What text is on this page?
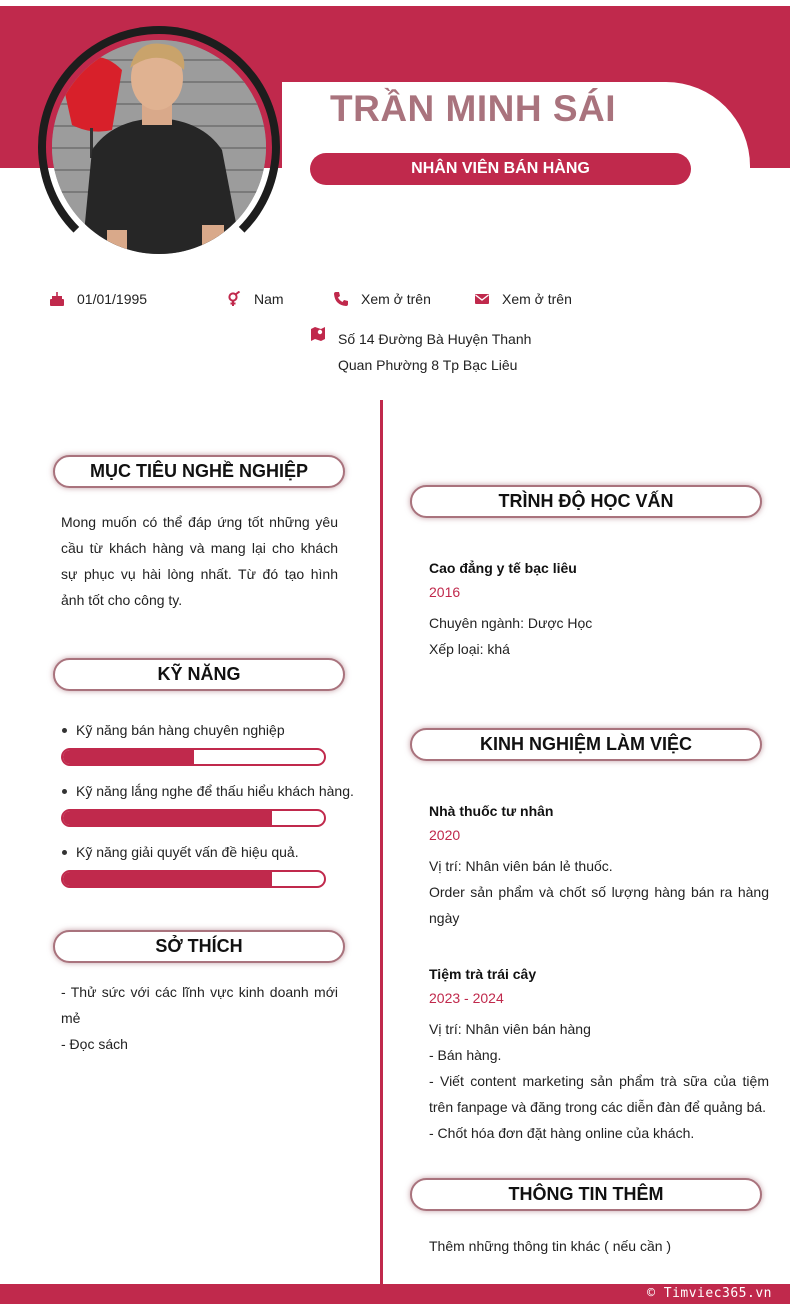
TRẦN MINH SÁI
NHÂN VIÊN BÁN HÀNG
01/01/1995	Nam	Xem ở trên	Xem ở trên
Số 14 Đường Bà Huyện Thanh
Quan Phường 8 Tp Bạc Liêu
MỤC TIÊU NGHỀ NGHIỆP
Mong muốn có thể đáp ứng tốt những yêu cầu từ khách hàng và mang lại cho khách sự phục vụ hài lòng nhất. Từ đó tạo hình ảnh tốt cho công ty.
KỸ NĂNG
Kỹ năng bán hàng chuyên nghiệp
Kỹ năng lắng nghe để thấu hiểu khách hàng.
Kỹ năng giải quyết vấn đề hiệu quả.
SỞ THÍCH
- Thử sức với các lĩnh vực kinh doanh mới mẻ
- Đọc sách
TRÌNH ĐỘ HỌC VẤN
Cao đẳng y tế bạc liêu
2016
Chuyên ngành: Dược Học
Xếp loại: khá
KINH NGHIỆM LÀM VIỆC
Nhà thuốc tư nhân
2020
Vị trí: Nhân viên bán lẻ thuốc.
Order sản phẩm và chốt số lượng hàng bán ra hàng ngày
Tiệm trà trái cây
2023 - 2024
Vị trí: Nhân viên bán hàng
- Bán hàng.
- Viết content marketing sản phẩm trà sữa của tiệm trên fanpage và đăng trong các diễn đàn để quảng bá.
- Chốt hóa đơn đặt hàng online của khách.
THÔNG TIN THÊM
Thêm những thông tin khác ( nếu cần )
© Timviec365.vn
